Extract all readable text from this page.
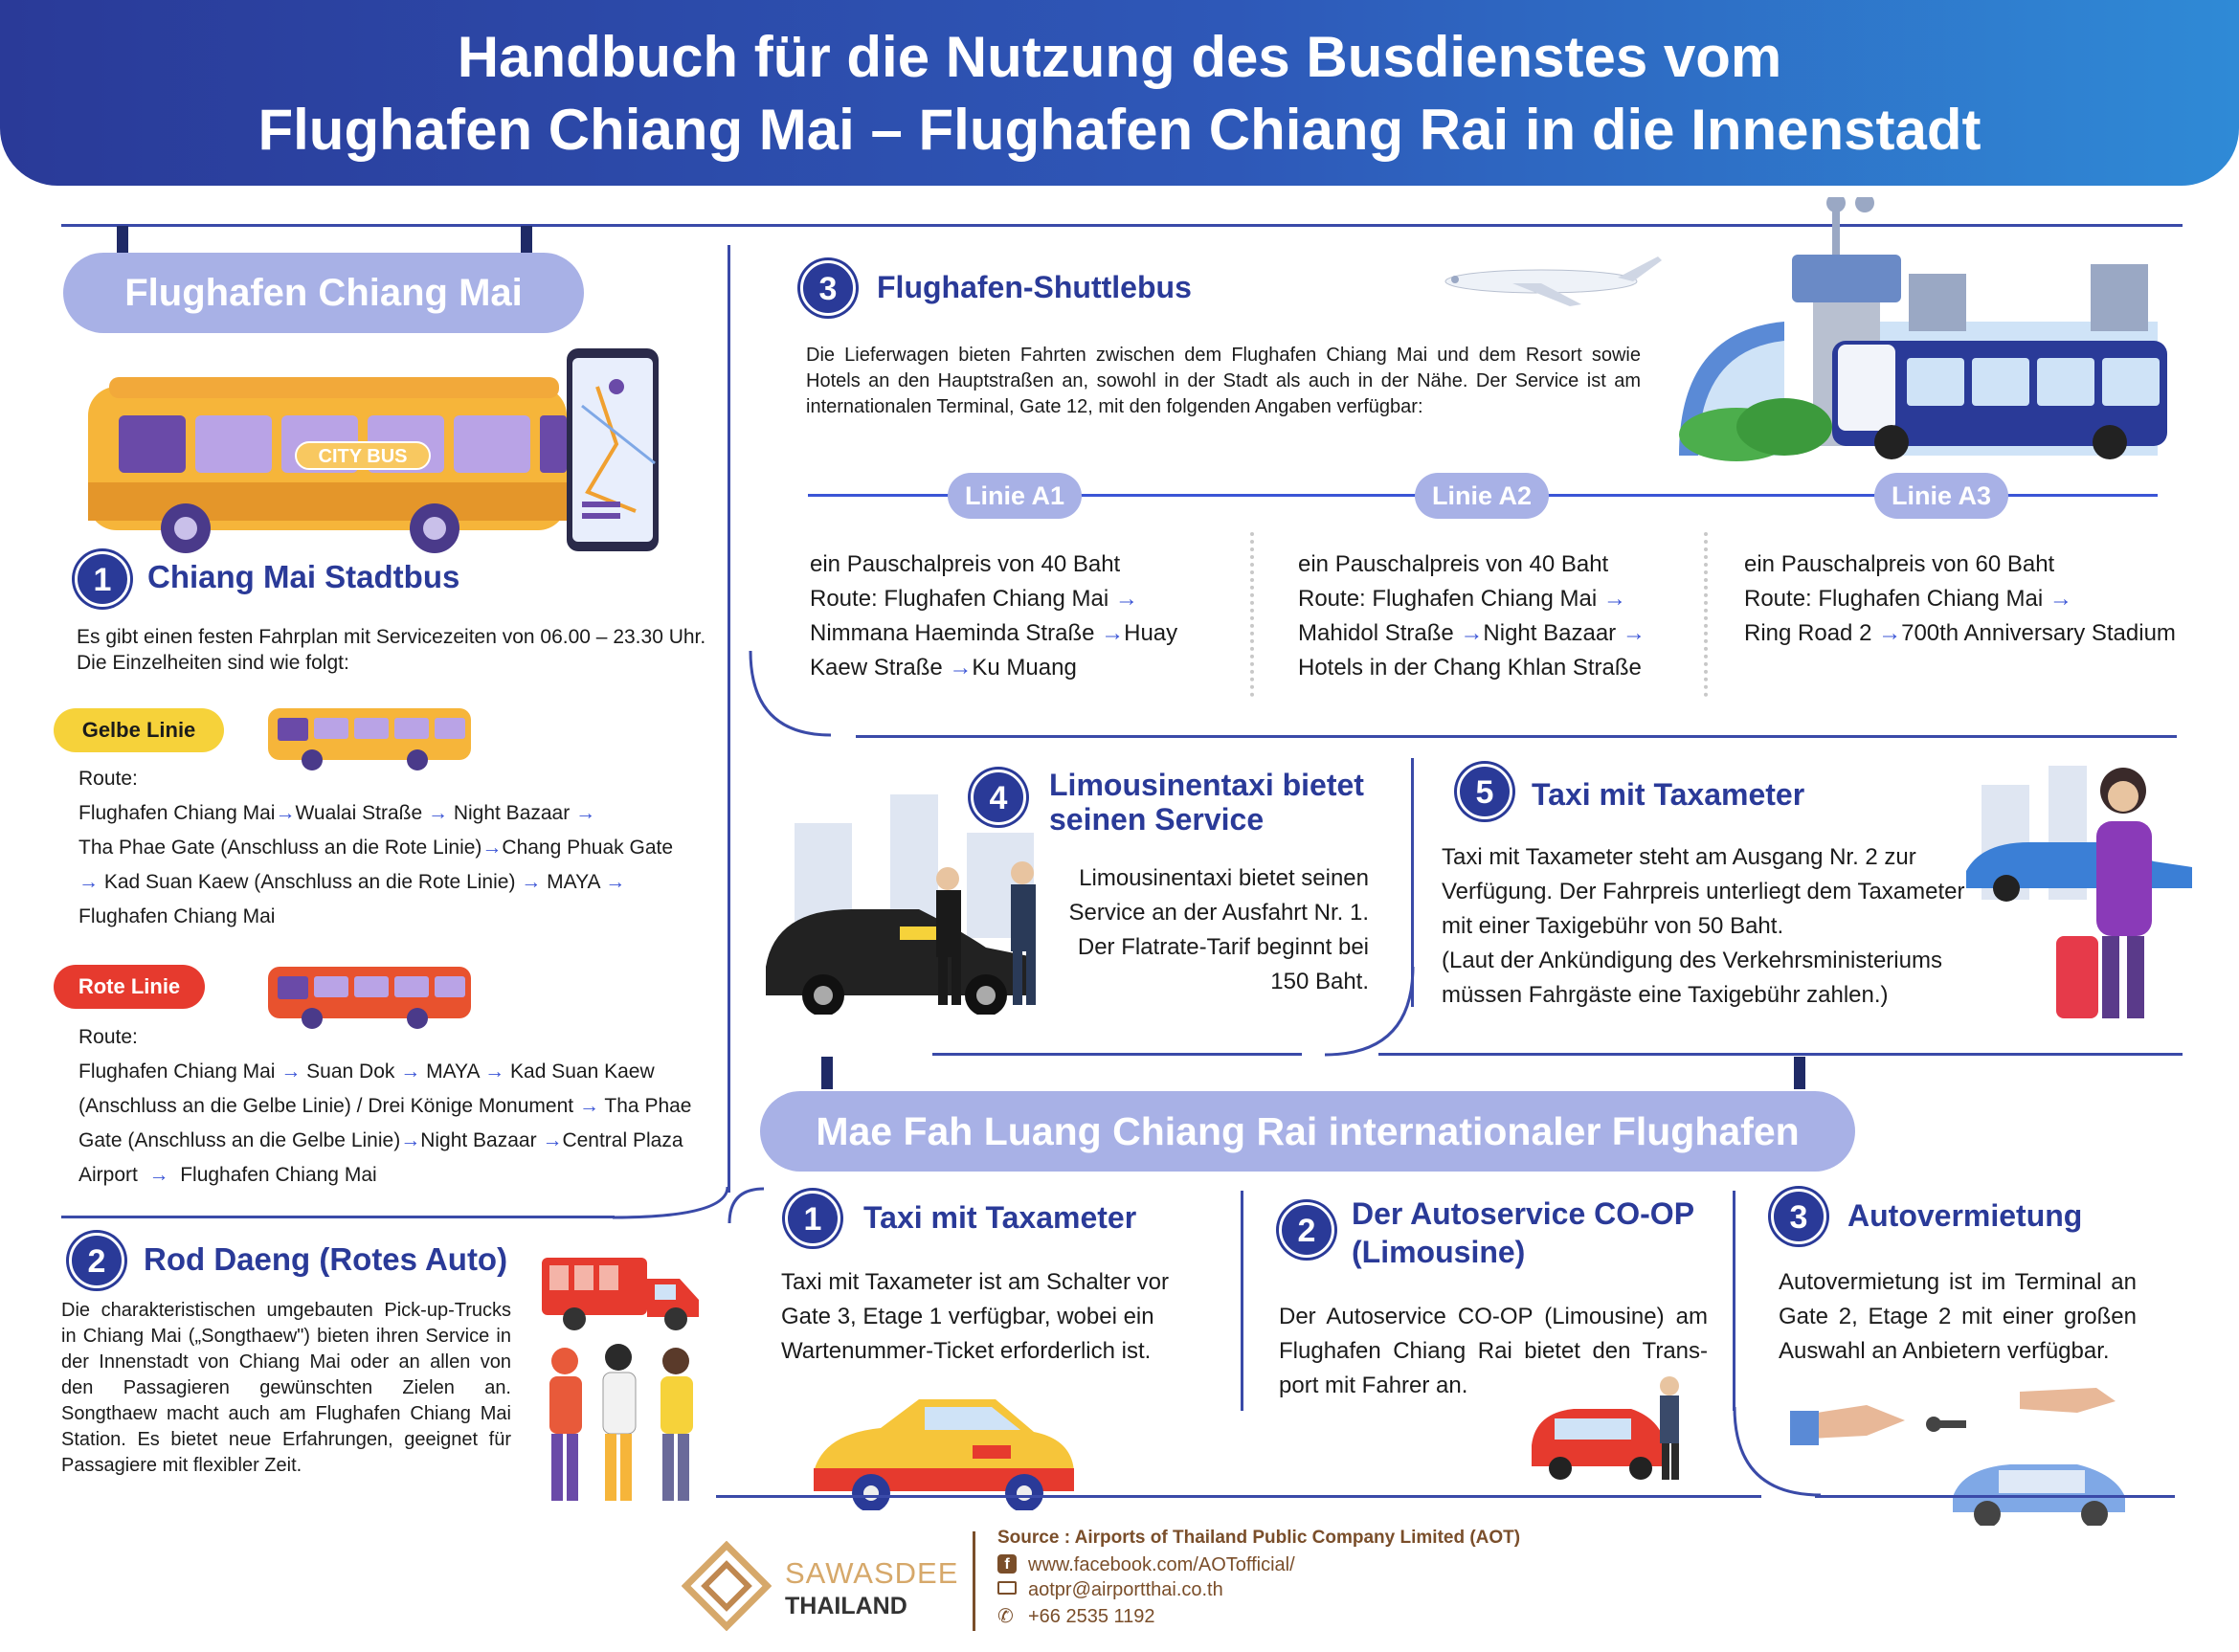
Handbuch für die Nutzung des Busdienstes vom
Flughafen Chiang Mai – Flughafen Chiang Rai in die Innenstadt
Flughafen Chiang Mai
CITY BUS
1	Chiang Mai Stadtbus
Es gibt einen festen Fahrplan mit Servicezeiten von 06.00 – 23.30 Uhr. Die Einzelheiten sind wie folgt:
Gelbe Linie
Route:
Flughafen Chiang Mai→Wualai Straße → Night Bazaar →
Tha Phae Gate (Anschluss an die Rote Linie)→Chang Phuak Gate
→ Kad Suan Kaew (Anschluss an die Rote Linie) → MAYA →
Flughafen Chiang Mai
Rote Linie
Route:
Flughafen Chiang Mai → Suan Dok → MAYA → Kad Suan Kaew
(Anschluss an die Gelbe Linie) / Drei Könige Monument → Tha Phae
Gate (Anschluss an die Gelbe Linie)→Night Bazaar →Central Plaza
Airport → Flughafen Chiang Mai
2	Rod Daeng (Rotes Auto)
Die charakteristischen umgebauten Pick-up-Trucks in Chiang Mai („Songthaew") bieten ihren Service in der Innenstadt von Chiang Mai oder an allen von den Passagieren gewünschten Zielen an. Songthaew macht auch am Flughafen Chiang Mai Station. Es bietet neue Erfahrungen, geeignet für Passagiere mit flexibler Zeit.
3	Flughafen-Shuttlebus
Die Lieferwagen bieten Fahrten zwischen dem Flughafen Chiang Mai und dem Resort sowie Hotels an den Hauptstraßen an, sowohl in der Stadt als auch in der Nähe. Der Service ist am internationalen Terminal, Gate 12, mit den folgenden Angaben verfügbar:
Linie A1	Linie A2	Linie A3
ein Pauschalpreis von 40 Baht
Route: Flughafen Chiang Mai →
Nimmana Haeminda Straße →Huay
Kaew Straße →Ku Muang
ein Pauschalpreis von 40 Baht
Route: Flughafen Chiang Mai →
Mahidol Straße →Night Bazaar →
Hotels in der Chang Khlan Straße
ein Pauschalpreis von 60 Baht
Route: Flughafen Chiang Mai →
Ring Road 2 →700th Anniversary Stadium
4	Limousinentaxi bietet
seinen Service
Limousinentaxi bietet seinen
Service an der Ausfahrt Nr. 1.
Der Flatrate-Tarif beginnt bei
150 Baht.
5	Taxi mit Taxameter
Taxi mit Taxameter steht am Ausgang Nr. 2 zur
Verfügung. Der Fahrpreis unterliegt dem Taxameter
mit einer Taxigebühr von 50 Baht.
(Laut der Ankündigung des Verkehrsministeriums
müssen Fahrgäste eine Taxigebühr zahlen.)
Mae Fah Luang Chiang Rai internationaler Flughafen
1	Taxi mit Taxameter
Taxi mit Taxameter ist am Schalter vor
Gate 3, Etage 1 verfügbar, wobei ein
Wartenummer-Ticket erforderlich ist.
2	Der Autoservice CO-OP
(Limousine)
Der Autoservice CO-OP (Limousine) am Flughafen Chiang Rai bietet den Trans-port mit Fahrer an.
3	Autovermietung
Autovermietung ist im Terminal an Gate 2, Etage 2 mit einer großen Auswahl an Anbietern verfügbar.
SAWASDEE
THAILAND
Source : Airports of Thailand Public Company Limited (AOT)
f www.facebook.com/AOTofficial/
aotpr@airportthai.co.th
✆ +66 2535 1192
